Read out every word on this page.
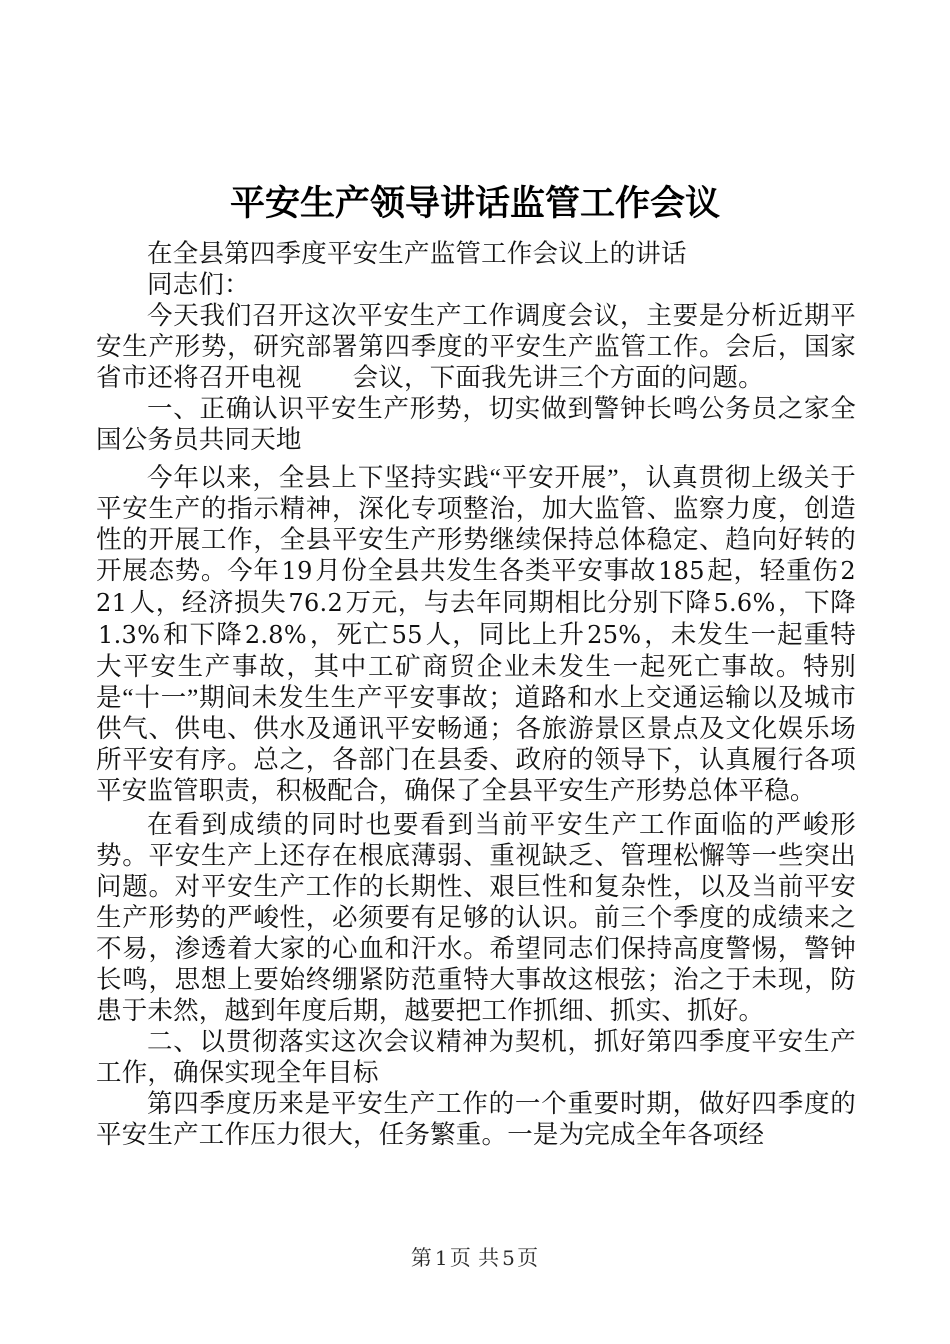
平安生产领导讲话监管工作会议

在全县第四季度平安生产监管工作会议上的讲话

同志们：

今天我们召开这次平安生产工作调度会议，主要是分析近期平安生产形势，研究部署第四季度的平安生产监管工作。会后，国家省市还将召开电视 会议，下面我先讲三个方面的问题。

一、正确认识平安生产形势，切实做到警钟长鸣公务员之家全国公务员共同天地

今年以来，全县上下坚持实践“平安开展”，认真贯彻上级关于平安生产的指示精神，深化专项整治，加大监管、监察力度，创造性的开展工作，全县平安生产形势继续保持总体稳定、趋向好转的开展态势。今年19月份全县共发生各类平安事故185起，轻重伤221人，经济损失76.2万元，与去年同期相比分别下降5.6%，下降1.3%和下降2.8%，死亡55人，同比上升25%，未发生一起重特大平安生产事故，其中工矿商贸企业未发生一起死亡事故。特别是“十一”期间未发生生产平安事故；道路和水上交通运输以及城市供气、供电、供水及通讯平安畅通；各旅游景区景点及文化娱乐场所平安有序。总之，各部门在县委、政府的领导下，认真履行各项平安监管职责，积极配合，确保了全县平安生产形势总体平稳。

在看到成绩的同时也要看到当前平安生产工作面临的严峻形势。平安生产上还存在根底薄弱、重视缺乏、管理松懈等一些突出问题。对平安生产工作的长期性、艰巨性和复杂性，以及当前平安生产形势的严峻性，必须要有足够的认识。前三个季度的成绩来之不易，渗透着大家的心血和汗水。希望同志们保持高度警惕，警钟长鸣，思想上要始终绷紧防范重特大事故这根弦；治之于未现，防患于未然，越到年度后期，越要把工作抓细、抓实、抓好。

二、以贯彻落实这次会议精神为契机，抓好第四季度平安生产工作，确保实现全年目标

第四季度历来是平安生产工作的一个重要时期，做好四季度的平安生产工作压力很大，任务繁重。一是为完成全年各项经

第 1页 共 5页
